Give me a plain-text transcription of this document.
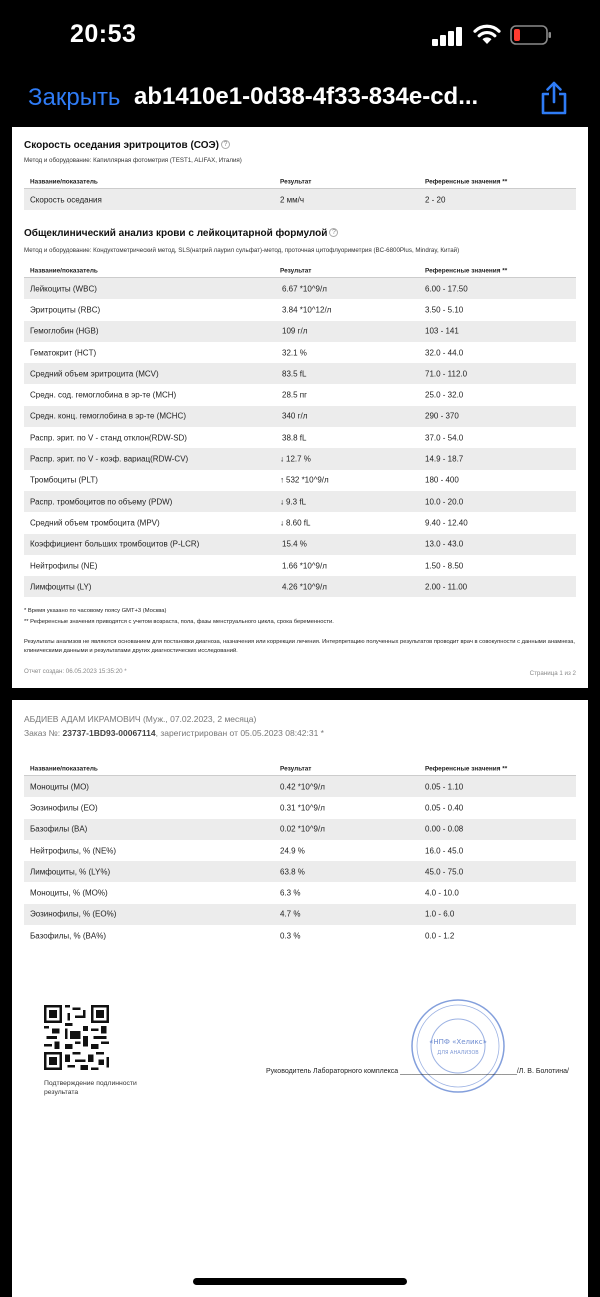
20:53
Закрыть ab1410e1-0d38-4f33-834e-cd...
Скорость оседания эритроцитов (СОЭ) ?
Метод и оборудование: Капиллярная фотометрия (TEST1, ALIFAX, Италия)
Название/показатель	Результат	Референсные значения **
Скорость оседания	2 мм/ч	2 - 20
Общеклинический анализ крови с лейкоцитарной формулой ?
Метод и оборудование: Кондуктометрический метод, SLS(натрий лаурил сульфат)-метод, проточная цитофлуориметрия (BC-6800Plus, Mindray, Китай)
Название/показатель	Результат	Референсные значения **
Лейкоциты (WBC)	6.67 *10^9/л	6.00 - 17.50
Эритроциты (RBC)	3.84 *10^12/л	3.50 - 5.10
Гемоглобин (HGB)	109 г/л	103 - 141
Гематокрит (HCT)	32.1 %	32.0 - 44.0
Средний объем эритроцита (MCV)	83.5 fL	71.0 - 112.0
Средн. сод. гемоглобина в эр-те (MCH)	28.5 пг	25.0 - 32.0
Средн. конц. гемоглобина в эр-те (MCHC)	340 г/л	290 - 370
Распр. эрит. по V - станд отклон(RDW-SD)	38.8 fL	37.0 - 54.0
Распр. эрит. по V - коэф. вариац(RDW-CV)	↓ 12.7 %	14.9 - 18.7
Тромбоциты (PLT)	↑ 532 *10^9/л	180 - 400
Распр. тромбоцитов по объему (PDW)	↓ 9.3 fL	10.0 - 20.0
Средний объем тромбоцита (MPV)	↓ 8.60 fL	9.40 - 12.40
Коэффициент больших тромбоцитов (P-LCR)	15.4 %	13.0 - 43.0
Нейтрофилы (NE)	1.66 *10^9/л	1.50 - 8.50
Лимфоциты (LY)	4.26 *10^9/л	2.00 - 11.00
* Время указано по часовому поясу GMT+3 (Москва)
** Референсные значения приводятся с учетом возраста, пола, фазы менструального цикла, срока беременности.
Результаты анализов не являются основанием для постановки диагноза, назначения или коррекции лечения. Интерпретацию полученных результатов проводит врач в совокупности с данными анамнеза, клиническими данными и результатами других диагностических исследований.
Отчет создан: 06.05.2023 15:35:20 *	Страница 1 из 2
АБДИЕВ АДАМ ИКРАМОВИЧ (Муж., 07.02.2023, 2 месяца)
Заказ №: 23737-1BD93-00067114, зарегистрирован от 05.05.2023 08:42:31 *
Название/показатель	Результат	Референсные значения **
Моноциты (MO)	0.42 *10^9/л	0.05 - 1.10
Эозинофилы (EO)	0.31 *10^9/л	0.05 - 0.40
Базофилы (BA)	0.02 *10^9/л	0.00 - 0.08
Нейтрофилы, % (NE%)	24.9 %	16.0 - 45.0
Лимфоциты, % (LY%)	63.8 %	45.0 - 75.0
Моноциты, % (MO%)	6.3 %	4.0 - 10.0
Эозинофилы, % (EO%)	4.7 %	1.0 - 6.0
Базофилы, % (BA%)	0.3 %	0.0 - 1.2
Подтверждение подлинности результата
«НПФ «Хеликс»
ДЛЯ АНАЛИЗОВ
Руководитель Лабораторного комплекса ______________________________/Л. В. Болотина/
